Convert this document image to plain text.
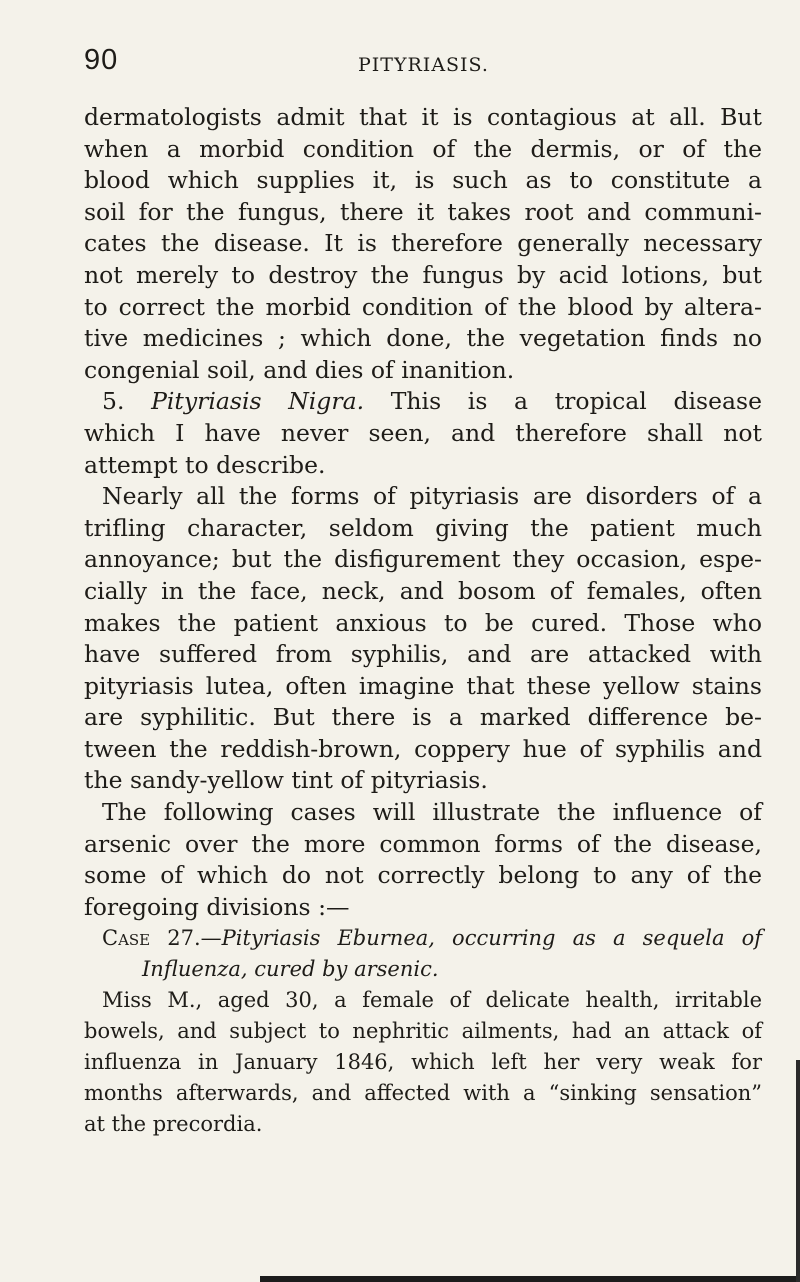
90	PITYRIASIS.
dermatologists admit that it is contagious at all. But
when a morbid condition of the dermis, or of the
blood which supplies it, is such as to constitute a
soil for the fungus, there it takes root and communi-
cates the disease. It is therefore generally necessary
not merely to destroy the fungus by acid lotions, but
to correct the morbid condition of the blood by altera-
tive medicines ; which done, the vegetation finds no
congenial soil, and dies of inanition.
5. Pityriasis Nigra. This is a tropical disease
which I have never seen, and therefore shall not
attempt to describe.
Nearly all the forms of pityriasis are disorders of a
trifling character, seldom giving the patient much
annoyance; but the disfigurement they occasion, espe-
cially in the face, neck, and bosom of females, often
makes the patient anxious to be cured. Those who
have suffered from syphilis, and are attacked with
pityriasis lutea, often imagine that these yellow stains
are syphilitic. But there is a marked difference be-
tween the reddish-brown, coppery hue of syphilis and
the sandy-yellow tint of pityriasis.
The following cases will illustrate the influence of
arsenic over the more common forms of the disease,
some of which do not correctly belong to any of the
foregoing divisions :—
Case 27.—Pityriasis Eburnea, occurring as a sequela of
Influenza, cured by arsenic.
Miss M., aged 30, a female of delicate health, irritable
bowels, and subject to nephritic ailments, had an attack of
influenza in January 1846, which left her very weak for
months afterwards, and affected with a “sinking sensation”
at the precordia.
